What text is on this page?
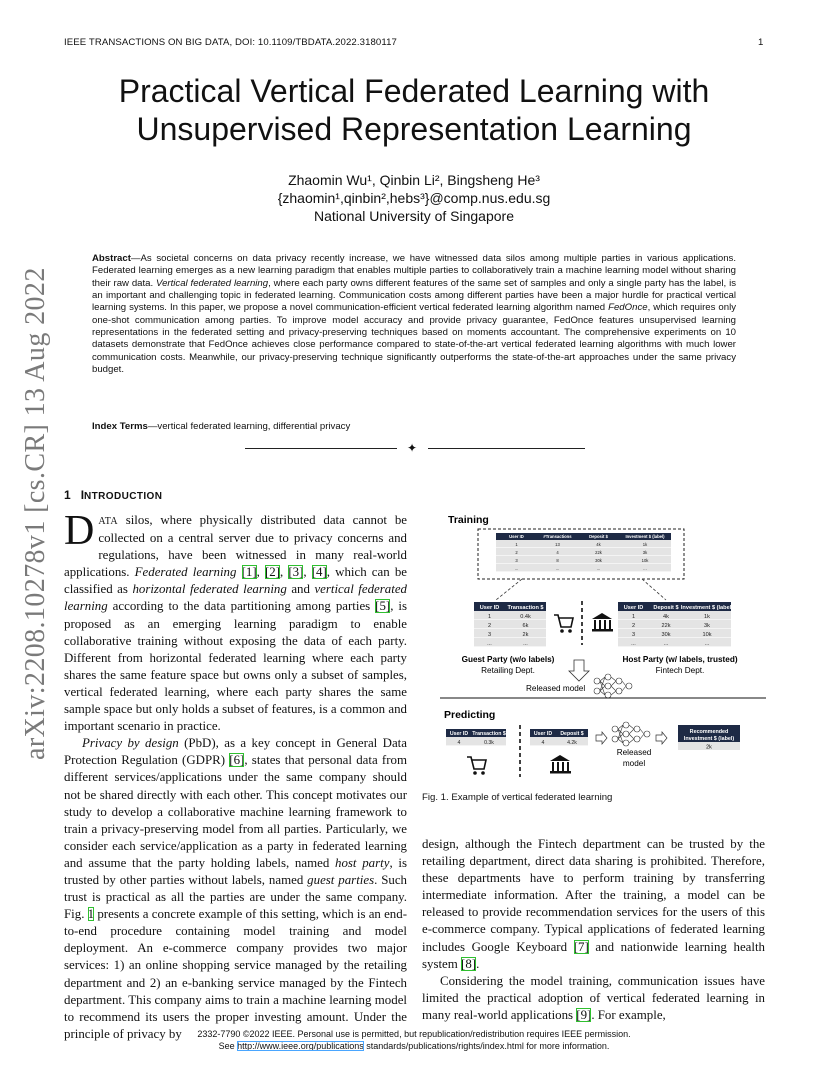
IEEE TRANSACTIONS ON BIG DATA, DOI: 10.1109/TBDATA.2022.3180117	1
arXiv:2208.10278v1 [cs.CR] 13 Aug 2022
Practical Vertical Federated Learning with
Unsupervised Representation Learning
Zhaomin Wu¹, Qinbin Li², Bingsheng He³
{zhaomin¹,qinbin²,hebs³}@comp.nus.edu.sg
National University of Singapore
Abstract—As societal concerns on data privacy recently increase, we have witnessed data silos among multiple parties in various applications. Federated learning emerges as a new learning paradigm that enables multiple parties to collaboratively train a machine learning model without sharing their raw data. Vertical federated learning, where each party owns different features of the same set of samples and only a single party has the label, is an important and challenging topic in federated learning. Communication costs among different parties have been a major hurdle for practical vertical learning systems. In this paper, we propose a novel communication-efficient vertical federated learning algorithm named FedOnce, which requires only one-shot communication among parties. To improve model accuracy and provide privacy guarantee, FedOnce features unsupervised learning representations in the federated setting and privacy-preserving techniques based on moments accountant. The comprehensive experiments on 10 datasets demonstrate that FedOnce achieves close performance compared to state-of-the-art vertical federated learning algorithms with much lower communication costs. Meanwhile, our privacy-preserving technique significantly outperforms the state-of-the-art approaches under the same privacy budget.
Index Terms—vertical federated learning, differential privacy
✦
1 INTRODUCTION

DATA silos, where physically distributed data cannot be collected on a central server due to privacy concerns and regulations, have been witnessed in many real-world applications. Federated learning [1], [2], [3], [4], which can be classified as horizontal federated learning and vertical federated learning according to the data partitioning among parties [5], is proposed as an emerging learning paradigm to enable collaborative training without exposing the data of each party. Different from horizontal federated learning where each party shares the same feature space but owns only a subset of samples, vertical federated learning, where each party shares the same sample space but only holds a subset of features, is a common and important scenario in practice.

Privacy by design (PbD), as a key concept in General Data Protection Regulation (GDPR) [6], states that personal data from different services/applications under the same company should not be shared directly with each other. This concept motivates our study to develop a collaborative machine learning framework to train a privacy-preserving model from all parties. Particularly, we consider each service/application as a party in federated learning and assume that the party holding labels, named host party, is trusted by other parties without labels, named guest parties. Such trust is practical as all the parties are under the same company. Fig. 1 presents a concrete example of this setting, which is an end-to-end procedure containing model training and model deployment. An e-commerce company provides two major services: 1) an online shopping service managed by the retailing department and 2) an e-banking service managed by the Fintech department. This company aims to train a machine learning model to recommend its users the proper investing amount. Under the principle of privacy by

Training
User ID	#Transactions	Deposit $	Investment $ (label)
1	13	4k	1k
2	4	22k	3k
3	8	30k	10k
...	...	...	...
User ID Transaction $
1	0.4k
2	6k
3	2k
...	...
User ID Deposit $ Investment $ (label)
1	4k	1k
2	22k	3k
3	30k	10k
...	...	...
Guest Party (w/o labels)
Retailing Dept.
Host Party (w/ labels, trusted)
Fintech Dept.
Released model
Predicting
User ID Transaction $
4	0.3k
User ID Deposit $
4	4.2k
Released
model
Recommended
Investment $ (label)
2k
Fig. 1. Example of vertical federated learning

design, although the Fintech department can be trusted by the retailing department, direct data sharing is prohibited. Therefore, these departments have to perform training by transferring intermediate information. After the training, a model can be released to provide recommendation services for the users of this e-commerce company. Typical applications of federated learning includes Google Keyboard [7] and nationwide learning health system [8].

Considering the model training, communication issues have limited the practical adoption of vertical federated learning in many real-world applications [9]. For example,

2332-7790 ©2022 IEEE. Personal use is permitted, but republication/redistribution requires IEEE permission.
See http://www.ieee.org/publications standards/publications/rights/index.html for more information.
